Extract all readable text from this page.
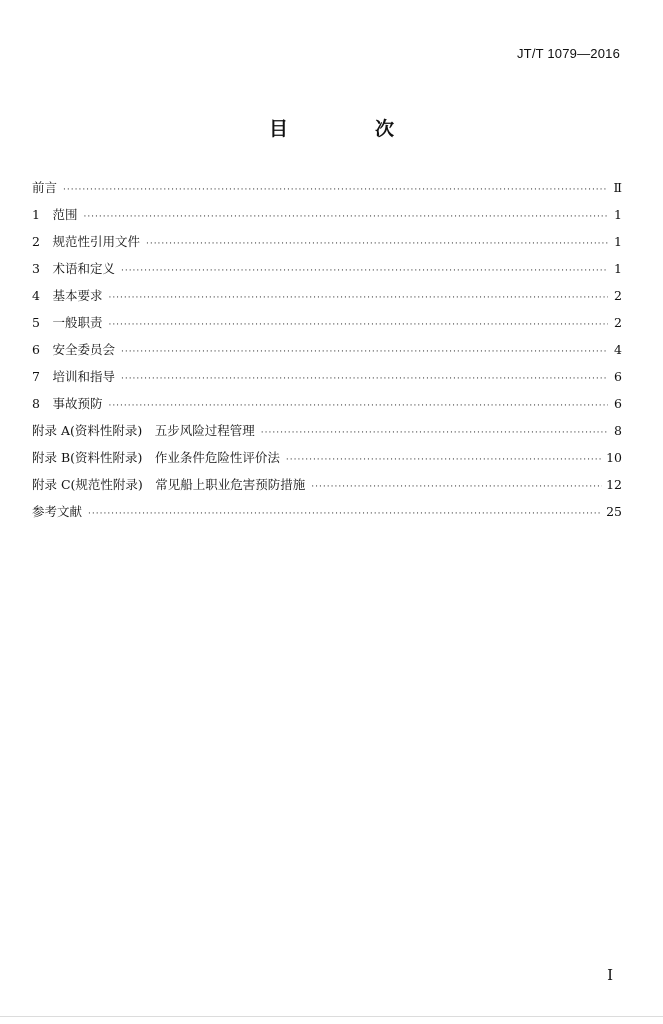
JT/T 1079—2016
目　次
前言 ·····	Ⅱ
1　范围 ·····	1
2　规范性引用文件 ·····	1
3　术语和定义 ·····	1
4　基本要求 ·····	2
5　一般职责 ·····	2
6　安全委员会 ·····	4
7　培训和指导 ·····	6
8　事故预防 ·····	6
附录 A(资料性附录)　五步风险过程管理 ·····	8
附录 B(资料性附录)　作业条件危险性评价法 ·····	10
附录 C(规范性附录)　常见船上职业危害预防措施 ·····	12
参考文献 ·····	25
I
